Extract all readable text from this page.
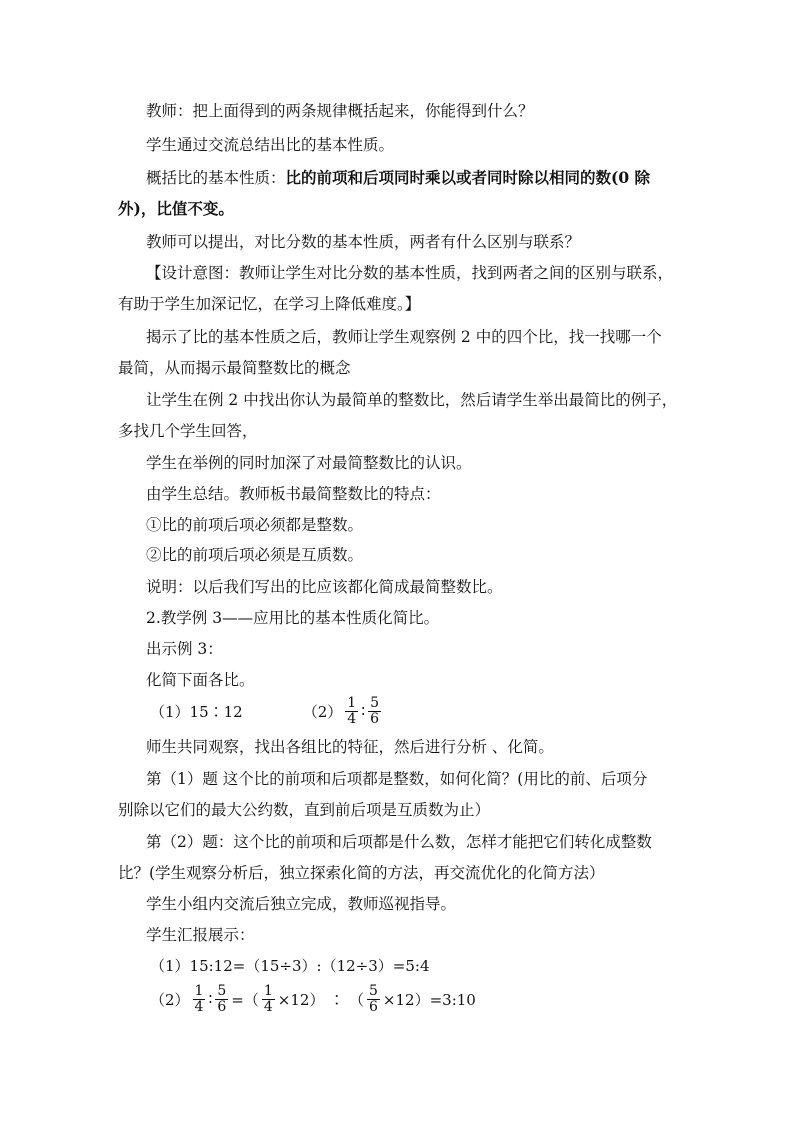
教师：把上面得到的两条规律概括起来，你能得到什么？
学生通过交流总结出比的基本性质。
概括比的基本性质：比的前项和后项同时乘以或者同时除以相同的数(0 除
外)，比值不变。
教师可以提出，对比分数的基本性质，两者有什么区别与联系？
【设计意图：教师让学生对比分数的基本性质，找到两者之间的区别与联系，
有助于学生加深记忆，在学习上降低难度。】
揭示了比的基本性质之后，教师让学生观察例 2 中的四个比，找一找哪一个
最简，从而揭示最简整数比的概念
让学生在例 2 中找出你认为最简单的整数比，然后请学生举出最简比的例子，
多找几个学生回答，
学生在举例的同时加深了对最简整数比的认识。
由学生总结。教师板书最简整数比的特点：
①比的前项后项必须都是整数。
②比的前项后项必须是互质数。
说明：以后我们写出的比应该都化简成最简整数比。
2.教学例 3——应用比的基本性质化简比。
出示例 3：
化简下面各比。
（1）15∶12	$(2) \frac{1}{4}$ ∶ $\frac{5}{6}$
师生共同观察，找出各组比的特征，然后进行分析 、化简。
第（1）题 这个比的前项和后项都是整数，如何化简？(用比的前、后项分
别除以它们的最大公约数，直到前后项是互质数为止）
第（2）题：这个比的前项和后项都是什么数，怎样才能把它们转化成整数
比？(学生观察分析后，独立探索化简的方法，再交流优化的化简方法）
学生小组内交流后独立完成，教师巡视指导。
学生汇报展示：
（1）15:12=（15÷3）:（12÷3）=5:4
$(2) \frac{1}{4}$ ∶ $\frac{5}{6}$ =（ $\frac{1}{4} \times 12$） ∶ （ $\frac{5}{6}$ ×12）=3:10
